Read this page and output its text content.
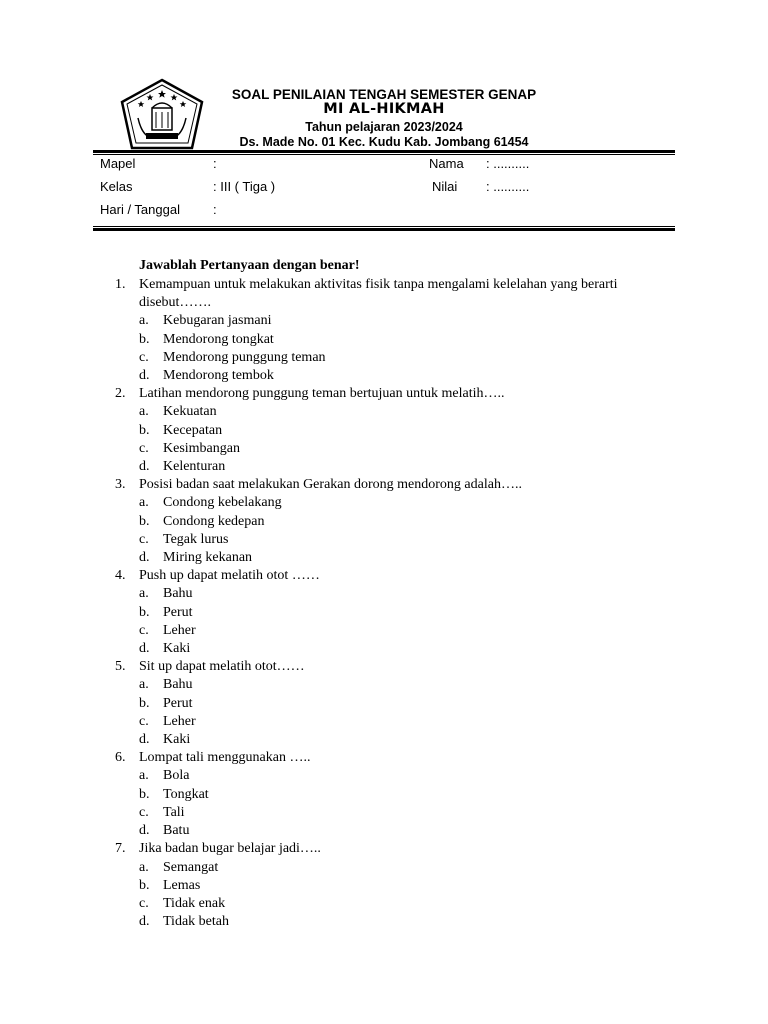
SOAL PENILAIAN TENGAH SEMESTER GENAP
MI AL-HIKMAH
Tahun pelajaran 2023/2024
Ds. Made No. 01 Kec. Kudu Kab. Jombang 61454
Mapel	:	Nama : ..........
Kelas	: III ( Tiga )	Nilai : ..........
Hari / Tanggal	:
Jawablah Pertanyaan dengan benar!
1. Kemampuan untuk melakukan aktivitas fisik tanpa mengalami kelelahan yang berarti disebut…….
a. Kebugaran jasmani
b. Mendorong tongkat
c. Mendorong punggung teman
d. Mendorong tembok
2. Latihan mendorong punggung teman bertujuan untuk melatih…..
a. Kekuatan
b. Kecepatan
c. Kesimbangan
d. Kelenturan
3. Posisi badan saat melakukan Gerakan dorong mendorong adalah…..
a. Condong kebelakang
b. Condong kedepan
c. Tegak lurus
d. Miring kekanan
4. Push up dapat melatih otot ……
a. Bahu
b. Perut
c. Leher
d. Kaki
5. Sit up dapat melatih otot……
a. Bahu
b. Perut
c. Leher
d. Kaki
6. Lompat tali menggunakan …..
a. Bola
b. Tongkat
c. Tali
d. Batu
7. Jika badan bugar belajar jadi…..
a. Semangat
b. Lemas
c. Tidak enak
d. Tidak betah
